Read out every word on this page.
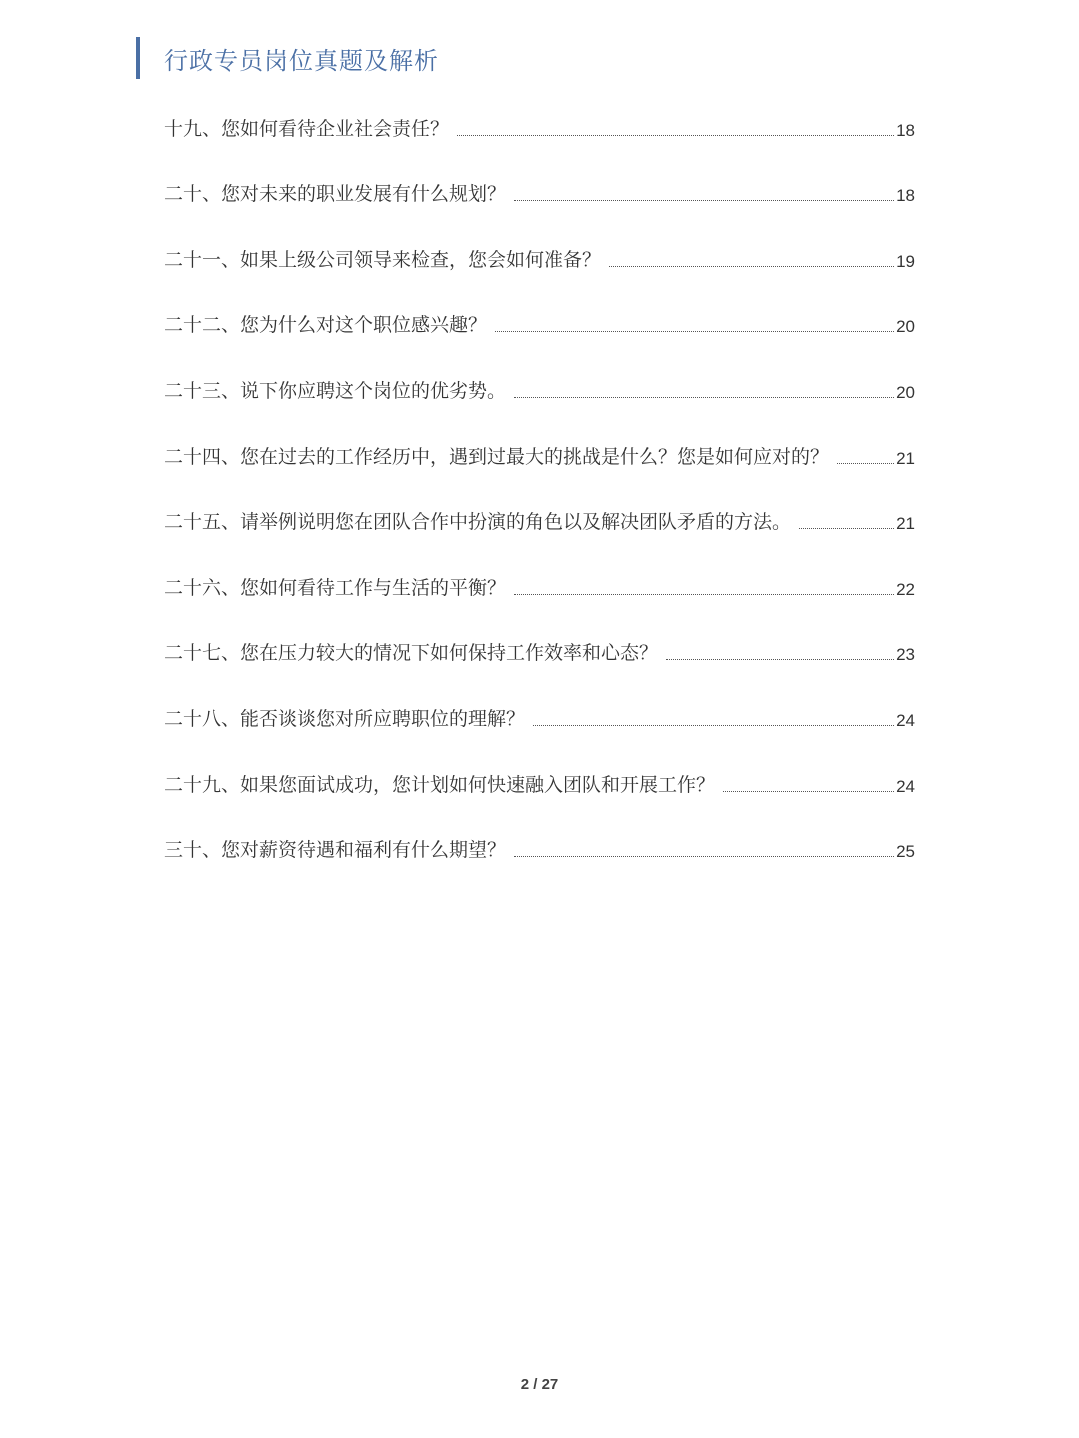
行政专员岗位真题及解析
十九、您如何看待企业社会责任？	18
二十、您对未来的职业发展有什么规划？	18
二十一、如果上级公司领导来检查，您会如何准备？	19
二十二、您为什么对这个职位感兴趣？	20
二十三、说下你应聘这个岗位的优劣势。	20
二十四、您在过去的工作经历中，遇到过最大的挑战是什么？您是如何应对的？	21
二十五、请举例说明您在团队合作中扮演的角色以及解决团队矛盾的方法。	21
二十六、您如何看待工作与生活的平衡？	22
二十七、您在压力较大的情况下如何保持工作效率和心态？	23
二十八、能否谈谈您对所应聘职位的理解？	24
二十九、如果您面试成功，您计划如何快速融入团队和开展工作？	24
三十、您对薪资待遇和福利有什么期望？	25
2 / 27
